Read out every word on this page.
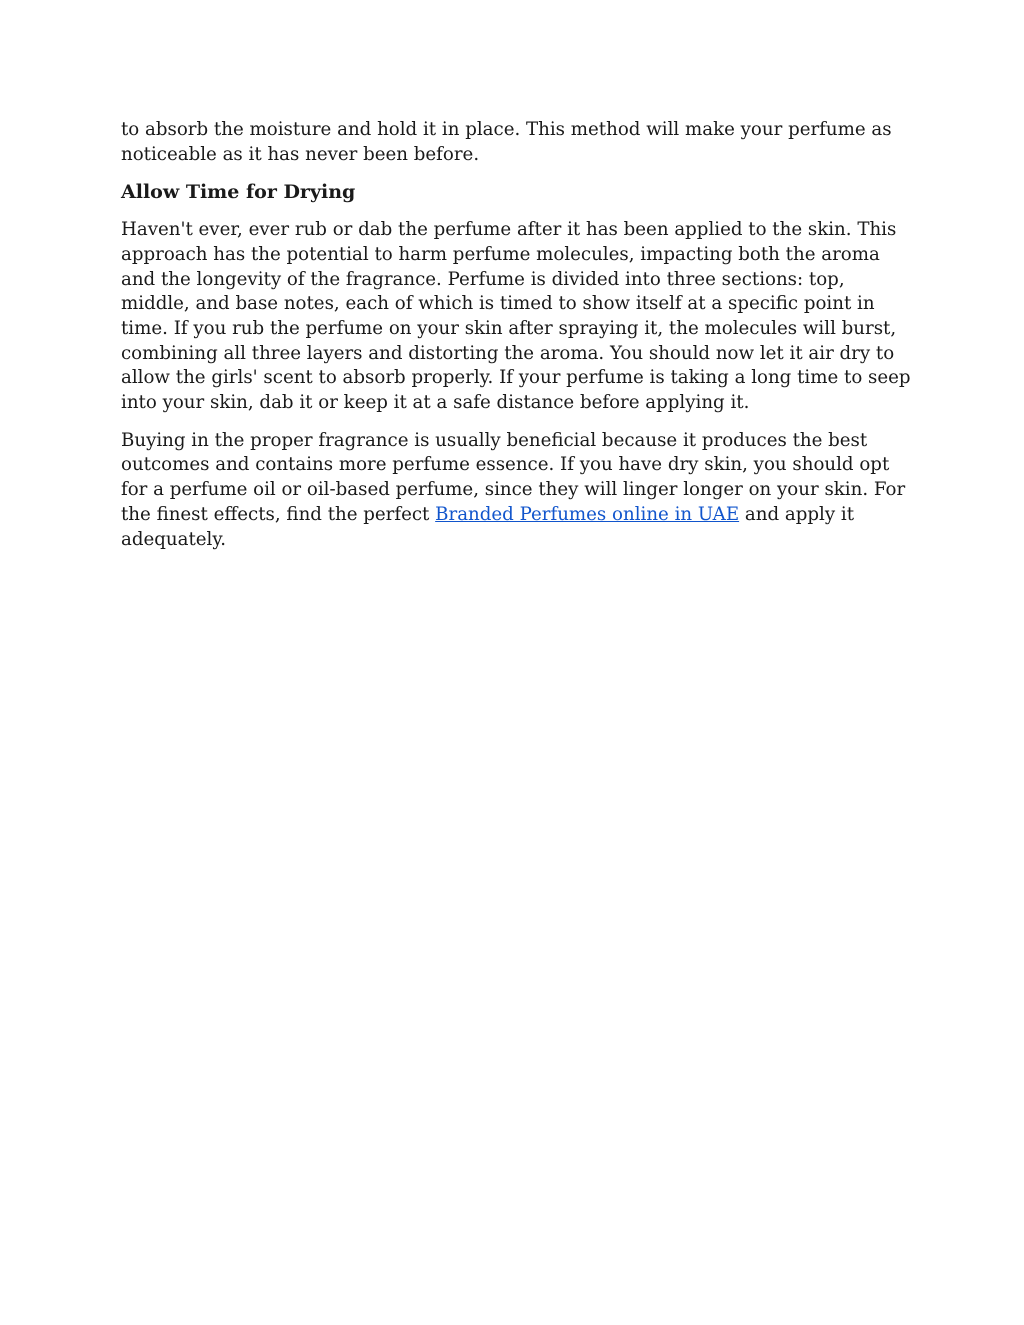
to absorb the moisture and hold it in place. This method will make your perfume as noticeable as it has never been before.

Allow Time for Drying

Haven't ever, ever rub or dab the perfume after it has been applied to the skin. This approach has the potential to harm perfume molecules, impacting both the aroma and the longevity of the fragrance. Perfume is divided into three sections: top, middle, and base notes, each of which is timed to show itself at a specific point in time. If you rub the perfume on your skin after spraying it, the molecules will burst, combining all three layers and distorting the aroma. You should now let it air dry to allow the girls' scent to absorb properly. If your perfume is taking a long time to seep into your skin, dab it or keep it at a safe distance before applying it.

Buying in the proper fragrance is usually beneficial because it produces the best outcomes and contains more perfume essence. If you have dry skin, you should opt for a perfume oil or oil-based perfume, since they will linger longer on your skin. For the finest effects, find the perfect Branded Perfumes online in UAE and apply it adequately.
